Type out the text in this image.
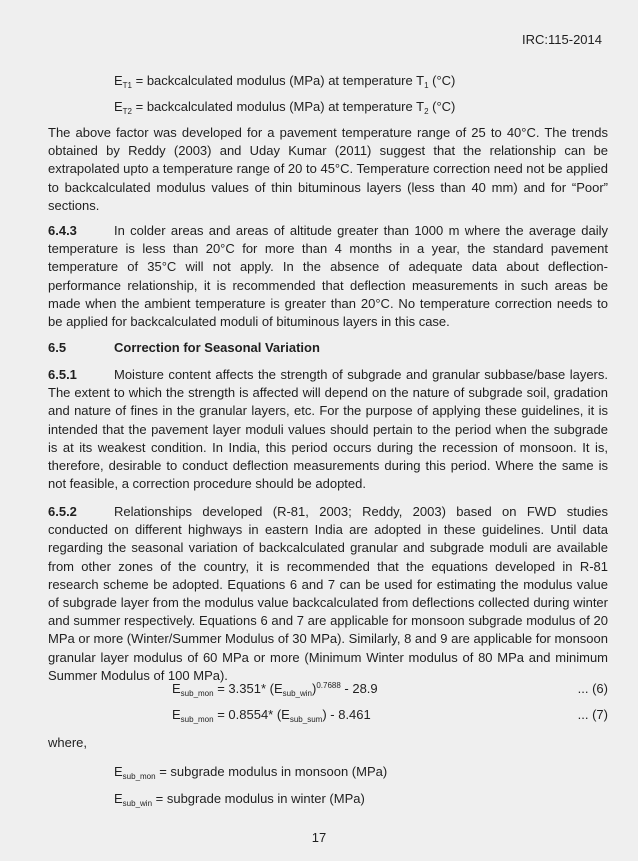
IRC:115-2014
$E_{T1}$ = backcalculated modulus (MPa) at temperature $T_1$ (°C)
$E_{T2}$ = backcalculated modulus (MPa) at temperature $T_2$ (°C)
The above factor was developed for a pavement temperature range of 25 to 40°C. The trends obtained by Reddy (2003) and Uday Kumar (2011) suggest that the relationship can be extrapolated upto a temperature range of 20 to 45°C. Temperature correction need not be applied to backcalculated modulus values of thin bituminous layers (less than 40 mm) and for “Poor” sections.
6.4.3	In colder areas and areas of altitude greater than 1000 m where the average daily temperature is less than 20°C for more than 4 months in a year, the standard pavement temperature of 35°C will not apply. In the absence of adequate data about deflection-performance relationship, it is recommended that deflection measurements in such areas be made when the ambient temperature is greater than 20°C. No temperature correction needs to be applied for backcalculated moduli of bituminous layers in this case.
6.5	Correction for Seasonal Variation
6.5.1	Moisture content affects the strength of subgrade and granular subbase/base layers. The extent to which the strength is affected will depend on the nature of subgrade soil, gradation and nature of fines in the granular layers, etc. For the purpose of applying these guidelines, it is intended that the pavement layer moduli values should pertain to the period when the subgrade is at its weakest condition. In India, this period occurs during the recession of monsoon. It is, therefore, desirable to conduct deflection measurements during this period. Where the same is not feasible, a correction procedure should be adopted.
6.5.2	Relationships developed (R-81, 2003; Reddy, 2003) based on FWD studies conducted on different highways in eastern India are adopted in these guidelines. Until data regarding the seasonal variation of backcalculated granular and subgrade moduli are available from other zones of the country, it is recommended that the equations developed in R-81 research scheme be adopted. Equations 6 and 7 can be used for estimating the modulus value of subgrade layer from the modulus value backcalculated from deflections collected during winter and summer respectively. Equations 6 and 7 are applicable for monsoon subgrade modulus of 20 MPa or more (Winter/Summer Modulus of 30 MPa). Similarly, 8 and 9 are applicable for monsoon granular layer modulus of 60 MPa or more (Minimum Winter modulus of 80 MPa and minimum Summer Modulus of 100 MPa).
$E_{sub\_mon} = 3.351*$ $(E_{sub\_win})^{0.7688} - 28.9$	... (6)
$E_{sub\_mon} = 0.8554*$ $(E_{sub\_sum}) - 8.461$	... (7)
where,
$E_{sub\_mon}$ = subgrade modulus in monsoon (MPa)
$E_{sub\_win}$ = subgrade modulus in winter (MPa)
17
